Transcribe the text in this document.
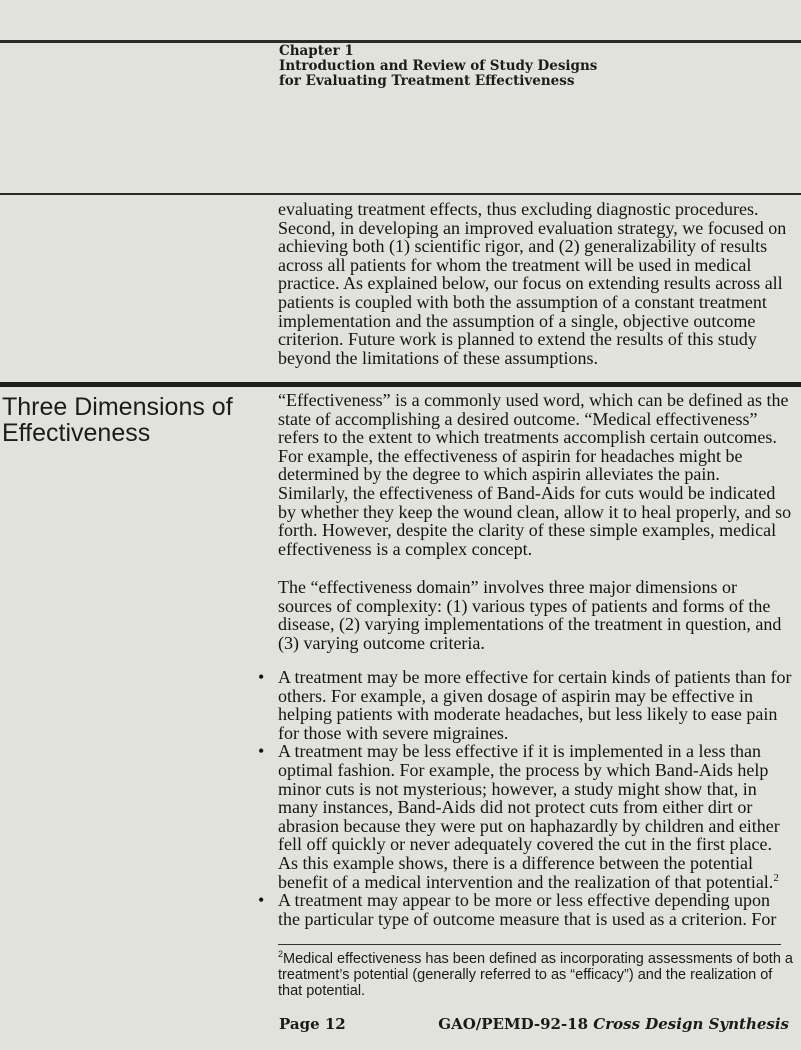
Chapter 1
Introduction and Review of Study Designs
for Evaluating Treatment Effectiveness

evaluating treatment effects, thus excluding diagnostic procedures. Second, in developing an improved evaluation strategy, we focused on achieving both (1) scientific rigor, and (2) generalizability of results across all patients for whom the treatment will be used in medical practice. As explained below, our focus on extending results across all patients is coupled with both the assumption of a constant treatment implementation and the assumption of a single, objective outcome criterion. Future work is planned to extend the results of this study beyond the limitations of these assumptions.

Three Dimensions of
Effectiveness

“Effectiveness” is a commonly used word, which can be defined as the state of accomplishing a desired outcome. “Medical effectiveness” refers to the extent to which treatments accomplish certain outcomes. For example, the effectiveness of aspirin for headaches might be determined by the degree to which aspirin alleviates the pain. Similarly, the effectiveness of Band-Aids for cuts would be indicated by whether they keep the wound clean, allow it to heal properly, and so forth. However, despite the clarity of these simple examples, medical effectiveness is a complex concept.

The “effectiveness domain” involves three major dimensions or sources of complexity: (1) various types of patients and forms of the disease, (2) varying implementations of the treatment in question, and (3) varying outcome criteria.

• A treatment may be more effective for certain kinds of patients than for others. For example, a given dosage of aspirin may be effective in helping patients with moderate headaches, but less likely to ease pain for those with severe migraines.
• A treatment may be less effective if it is implemented in a less than optimal fashion. For example, the process by which Band-Aids help minor cuts is not mysterious; however, a study might show that, in many instances, Band-Aids did not protect cuts from either dirt or abrasion because they were put on haphazardly by children and either fell off quickly or never adequately covered the cut in the first place. As this example shows, there is a difference between the potential benefit of a medical intervention and the realization of that potential.$^2$
• A treatment may appear to be more or less effective depending upon the particular type of outcome measure that is used as a criterion. For
$^2$Medical effectiveness has been defined as incorporating assessments of both a treatment’s potential (generally referred to as “efficacy”) and the realization of that potential.
Page 12	GAO/PEMD-92-18 Cross Design Synthesis
